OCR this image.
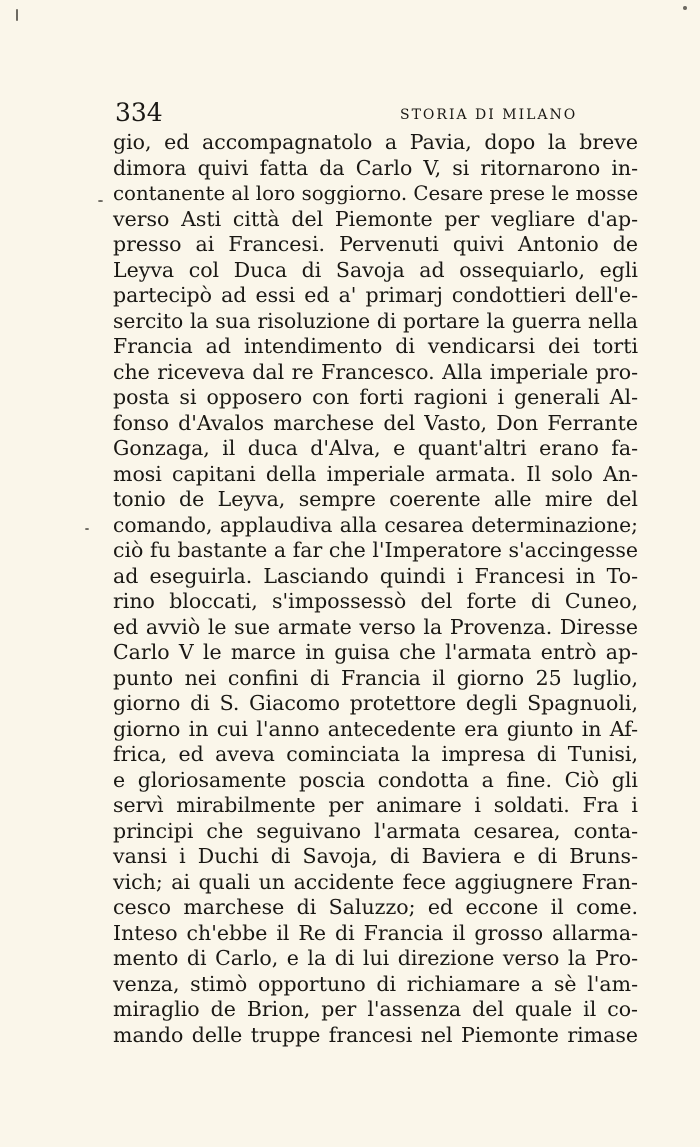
334	STORIA DI MILANO
gio, ed accompagnatolo a Pavia, dopo la breve
dimora quivi fatta da Carlo V, si ritornarono in-
contanente al loro soggiorno. Cesare prese le mosse
verso Asti città del Piemonte per vegliare d'ap-
presso ai Francesi. Pervenuti quivi Antonio de
Leyva col Duca di Savoja ad ossequiarlo, egli
partecipò ad essi ed a' primarj condottieri dell'e-
sercito la sua risoluzione di portare la guerra nella
Francia ad intendimento di vendicarsi dei torti
che riceveva dal re Francesco. Alla imperiale pro-
posta si opposero con forti ragioni i generali Al-
fonso d'Avalos marchese del Vasto, Don Ferrante
Gonzaga, il duca d'Alva, e quant'altri erano fa-
mosi capitani della imperiale armata. Il solo An-
tonio de Leyva, sempre coerente alle mire del
comando, applaudiva alla cesarea determinazione;
ciò fu bastante a far che l'Imperatore s'accingesse
ad eseguirla. Lasciando quindi i Francesi in To-
rino bloccati, s'impossessò del forte di Cuneo,
ed avviò le sue armate verso la Provenza. Diresse
Carlo V le marce in guisa che l'armata entrò ap-
punto nei confini di Francia il giorno 25 luglio,
giorno di S. Giacomo protettore degli Spagnuoli,
giorno in cui l'anno antecedente era giunto in Af-
frica, ed aveva cominciata la impresa di Tunisi,
e gloriosamente poscia condotta a fine. Ciò gli
servì mirabilmente per animare i soldati. Fra i
principi che seguivano l'armata cesarea, conta-
vansi i Duchi di Savoja, di Baviera e di Bruns-
vich; ai quali un accidente fece aggiugnere Fran-
cesco marchese di Saluzzo; ed eccone il come.
Inteso ch'ebbe il Re di Francia il grosso allarma-
mento di Carlo, e la di lui direzione verso la Pro-
venza, stimò opportuno di richiamare a sè l'am-
miraglio de Brion, per l'assenza del quale il co-
mando delle truppe francesi nel Piemonte rimase
